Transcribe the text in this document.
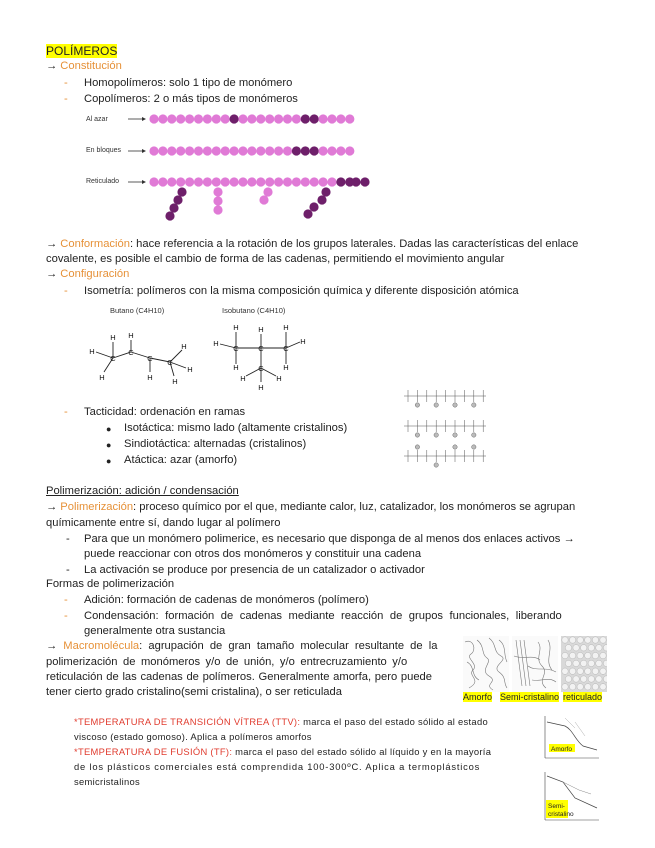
POLÍMEROS
→ Constitución
- Homopolímeros: solo 1 tipo de monómero
- Copolímeros: 2 o más tipos de monómeros
Al azar
En bloques
Reticulado
→ Conformación: hace referencia a la rotación de los grupos laterales. Dadas las características del enlace
covalente, es posible el cambio de forma de las cadenas, permitiendo el movimiento angular
→ Configuración
- Isometría: polímeros con la misma composición química y diferente disposición atómica
Butano (C4H10)	Isobutano (C4H10)
H
H
C
H
H
C
C
H
C
H
H
H
H	H	H
H
C	C	C
H
H	H
C
H	H
H
- Tacticidad: ordenación en ramas
● Isotáctica: mismo lado (altamente cristalinos)
● Sindiotáctica: alternadas (cristalinos)
● Atáctica: azar (amorfo)
Polimerización: adición / condensación
→ Polimerización: proceso químico por el que, mediante calor, luz, catalizador, los monómeros se agrupan
químicamente entre sí, dando lugar al polímero
- Para que un monómero polimerice, es necesario que disponga de al menos dos enlaces activos →
puede reaccionar con otros dos monómeros y constituir una cadena
- La activación se produce por presencia de un catalizador o activador
Formas de polimerización
- Adición: formación de cadenas de monómeros (polímero)
- Condensación: formación de cadenas mediante reacción de grupos funcionales, liberando
generalmente otra sustancia
→ Macromolécula: agrupación de gran tamaño molecular resultante de la
polimerización de monómeros y/o de unión, y/o entrecruzamiento y/o
reticulación de las cadenas de polímeros. Generalmente amorfa, pero puede
tener cierto grado cristalino(semi cristalina), o ser reticulada	Amorfo Semi-cristalino reticulado
*TEMPERATURA DE TRANSICIÓN VÍTREA (TTV): marca el paso del estado sólido al estado
viscoso (estado gomoso). Aplica a polímeros amorfos
*TEMPERATURA DE FUSIÓN (TF): marca el paso del estado sólido al líquido y en la mayoría
de los plásticos comerciales está comprendida 100-300ºC. Aplica a termoplásticos
semicristalinos
Amorfo
Semi-
cristalino
